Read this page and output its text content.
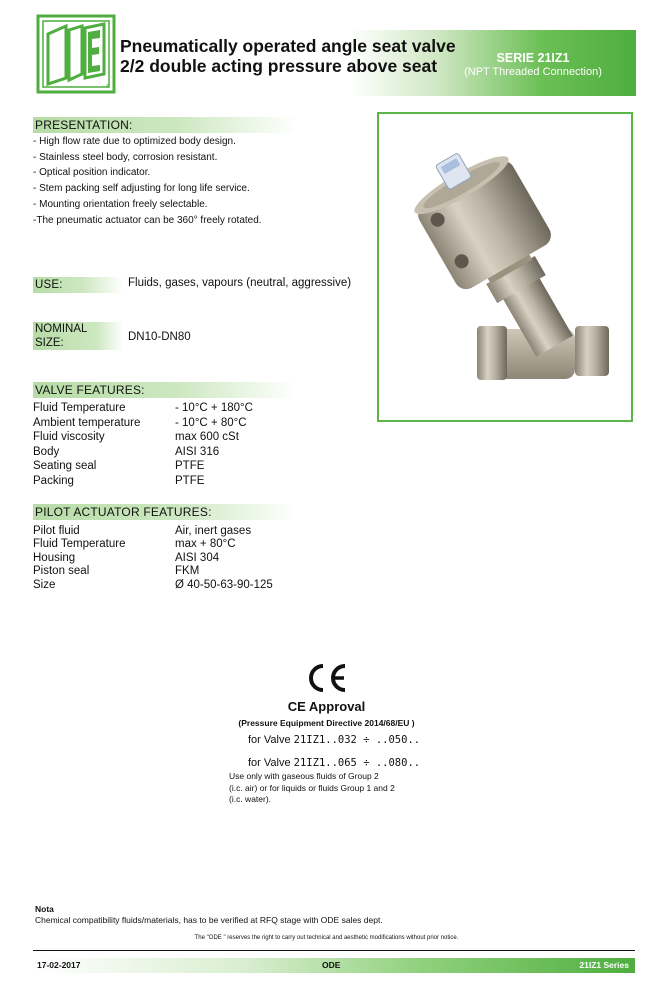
®
Pneumatically operated angle seat valve 2/2 double acting pressure above seat	SERIE 21IZ1
(NPT Threaded Connection)
PRESENTATION:
- High flow rate due to optimized body design.
- Stainless steel body, corrosion resistant.
- Optical position indicator.
- Stem packing self adjusting for long life service.
- Mounting orientation freely selectable.
-The pneumatic actuator can be 360° freely rotated.
USE:	Fluids, gases, vapours (neutral, aggressive)
NOMINAL
SIZE:	DN10-DN80
VALVE FEATURES:
Fluid Temperature	- 10°C + 180°C
Ambient temperature	- 10°C + 80°C
Fluid viscosity	max 600 cSt
Body	AISI 316
Seating seal	PTFE
Packing	PTFE
PILOT ACTUATOR FEATURES:
Pilot fluid	Air, inert gases
Fluid Temperature	max + 80°C
Housing	AISI 304
Piston seal	FKM
Size	Ø 40-50-63-90-125
CE Approval
(Pressure Equipment Directive 2014/68/EU )
for Valve 21IZ1..032 ÷ ..050..
for Valve 21IZ1..065 ÷ ..080..
Use only with gaseous fluids of Group 2
(i.c. air) or for liquids or fluids Group 1 and 2
(i.c. water).
Nota
Chemical compatibility fluids/materials, has to be verified at RFQ stage with ODE sales dept.
The "ODE " reserves the right to carry out technical and aesthetic modifications without prior notice.
17-02-2017	ODE	21IZ1 Series
